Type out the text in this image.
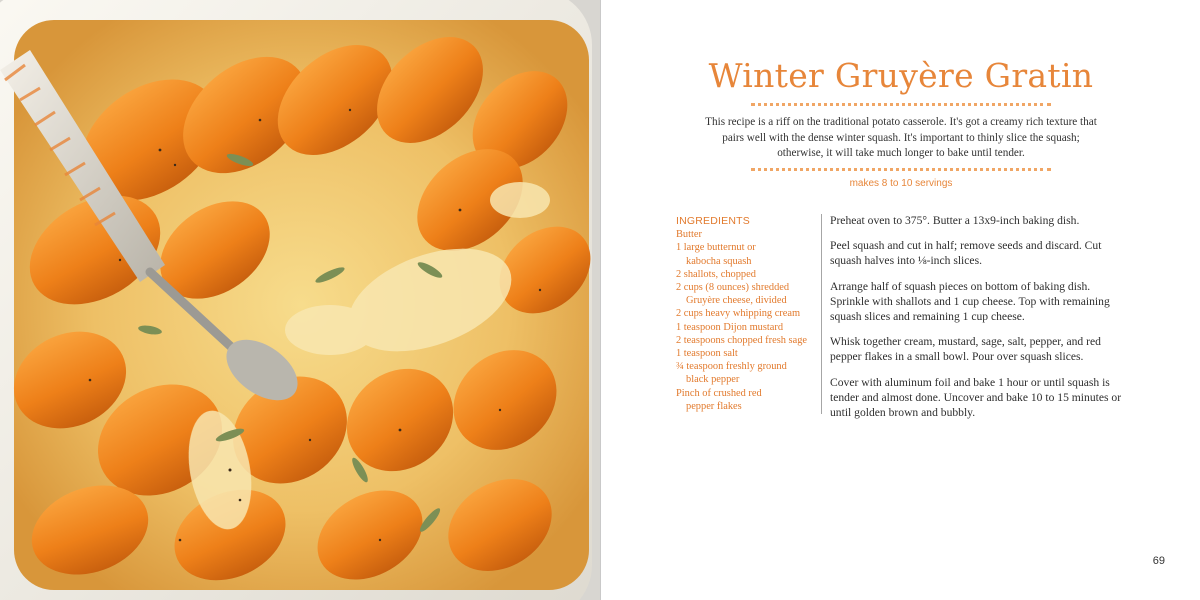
Winter Gruyère Gratin
This recipe is a riff on the traditional potato casserole. It's got a creamy rich texture that pairs well with the dense winter squash. It's important to thinly slice the squash; otherwise, it will take much longer to bake until tender.
makes 8 to 10 servings
INGREDIENTS
Butter
1 large butternut or
kabocha squash
2 shallots, chopped
2 cups (8 ounces) shredded
Gruyère cheese, divided
2 cups heavy whipping cream
1 teaspoon Dijon mustard
2 teaspoons chopped fresh sage
1 teaspoon salt
¾ teaspoon freshly ground
black pepper
Pinch of crushed red
pepper flakes

Preheat oven to 375°. Butter a 13x9-inch baking dish.

Peel squash and cut in half; remove seeds and discard. Cut squash halves into ⅛-inch slices.

Arrange half of squash pieces on bottom of baking dish. Sprinkle with shallots and 1 cup cheese. Top with remaining squash slices and remaining 1 cup cheese.

Whisk together cream, mustard, sage, salt, pepper, and red pepper flakes in a small bowl. Pour over squash slices.

Cover with aluminum foil and bake 1 hour or until squash is tender and almost done. Uncover and bake 10 to 15 minutes or until golden brown and bubbly.

69
